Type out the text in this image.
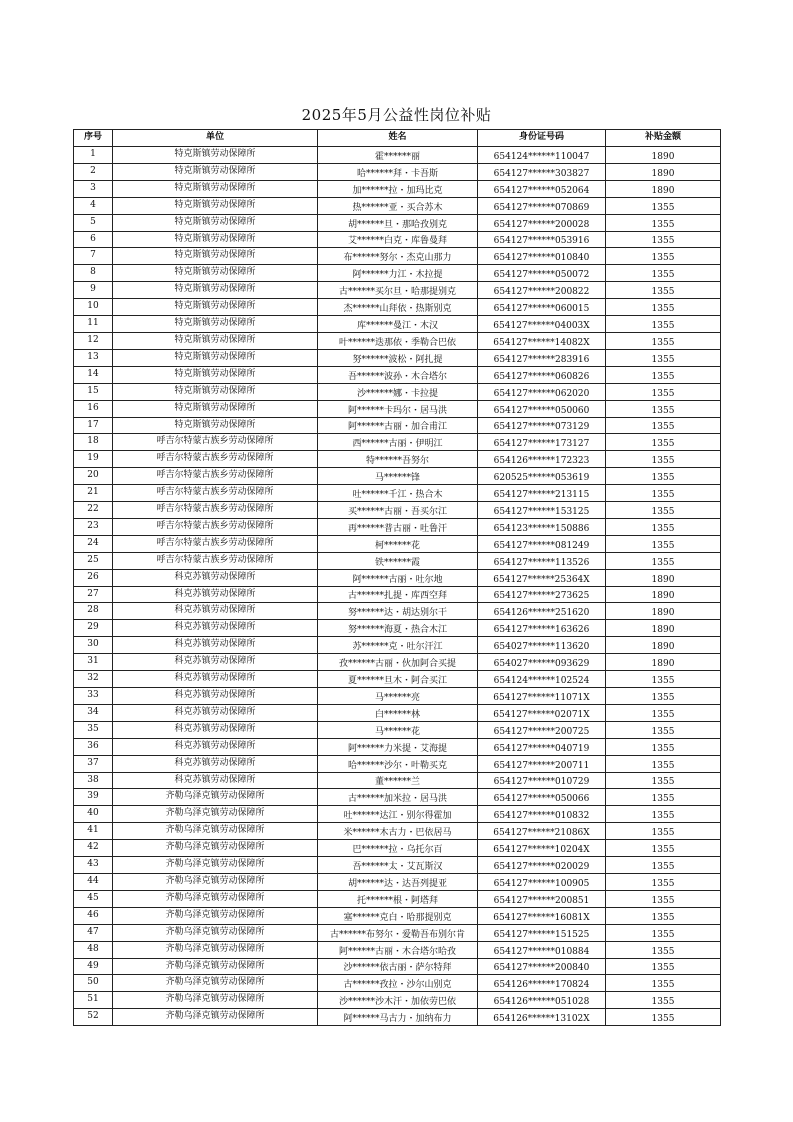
2025年5月公益性岗位补贴
序号	单位	姓名	身份证号码	补贴金额
1	特克斯镇劳动保障所	霍******丽	654124******110047	1890
2	特克斯镇劳动保障所	哈******拜・卡吾斯	654127******303827	1890
3	特克斯镇劳动保障所	加******拉・加玛比克	654127******052064	1890
4	特克斯镇劳动保障所	热******亚・买合苏木	654127******070869	1355
5	特克斯镇劳动保障所	胡******旦・那哈孜别克	654127******200028	1355
6	特克斯镇劳动保障所	艾******白克・库鲁曼拜	654127******053916	1355
7	特克斯镇劳动保障所	布******努尔・杰克山那力	654127******010840	1355
8	特克斯镇劳动保障所	阿******力江・木拉提	654127******050072	1355
9	特克斯镇劳动保障所	古******买尔旦・哈那提别克	654127******200822	1355
10	特克斯镇劳动保障所	杰******山拜依・热斯别克	654127******060015	1355
11	特克斯镇劳动保障所	库******曼江・木汉	654127******04003X	1355
12	特克斯镇劳动保障所	叶******迭那依・季勒合巴依	654127******14082X	1355
13	特克斯镇劳动保障所	努******波松・阿扎提	654127******283916	1355
14	特克斯镇劳动保障所	吾******波孙・木合塔尔	654127******060826	1355
15	特克斯镇劳动保障所	沙******娜・卡拉提	654127******062020	1355
16	特克斯镇劳动保障所	阿******卡玛尔・居马洪	654127******050060	1355
17	特克斯镇劳动保障所	阿******古丽・加合甫江	654127******073129	1355
18	呼吉尔特蒙古族乡劳动保障所	西******古丽・伊明江	654127******173127	1355
19	呼吉尔特蒙古族乡劳动保障所	特******吾努尔	654126******172323	1355
20	呼吉尔特蒙古族乡劳动保障所	马******锋	620525******053619	1355
21	呼吉尔特蒙古族乡劳动保障所	吐******千江・热合木	654127******213115	1355
22	呼吉尔特蒙古族乡劳动保障所	买******古丽・吾买尔江	654127******153125	1355
23	呼吉尔特蒙古族乡劳动保障所	再******普古丽・吐鲁汗	654123******150886	1355
24	呼吉尔特蒙古族乡劳动保障所	柯******花	654127******081249	1355
25	呼吉尔特蒙古族乡劳动保障所	铁******霞	654127******113526	1355
26	科克苏镇劳动保障所	阿******古丽・吐尔地	654127******25364X	1890
27	科克苏镇劳动保障所	古******扎提・库西空拜	654127******273625	1890
28	科克苏镇劳动保障所	努******达・胡达别尔干	654126******251620	1890
29	科克苏镇劳动保障所	努******海夏・热合木江	654127******163626	1890
30	科克苏镇劳动保障所	苏******克・吐尔汗江	654027******113620	1890
31	科克苏镇劳动保障所	孜******古丽・伙加阿合买提	654027******093629	1890
32	科克苏镇劳动保障所	夏******旦木・阿合买江	654124******102524	1355
33	科克苏镇劳动保障所	马******亮	654127******11071X	1355
34	科克苏镇劳动保障所	白******林	654127******02071X	1355
35	科克苏镇劳动保障所	马******花	654127******200725	1355
36	科克苏镇劳动保障所	阿******力米提・艾海提	654127******040719	1355
37	科克苏镇劳动保障所	哈******沙尔・叶勒买克	654127******200711	1355
38	科克苏镇劳动保障所	董******兰	654127******010729	1355
39	齐勒乌泽克镇劳动保障所	古******加米拉・居马洪	654127******050066	1355
40	齐勒乌泽克镇劳动保障所	吐******达江・别尔得霍加	654127******010832	1355
41	齐勒乌泽克镇劳动保障所	米******木古力・巴依居马	654127******21086X	1355
42	齐勒乌泽克镇劳动保障所	巴******拉・乌托尔百	654127******10204X	1355
43	齐勒乌泽克镇劳动保障所	吾******太・艾瓦斯汉	654127******020029	1355
44	齐勒乌泽克镇劳动保障所	胡******达・达吾列提亚	654127******100905	1355
45	齐勒乌泽克镇劳动保障所	托******根・阿塔拜	654127******200851	1355
46	齐勒乌泽克镇劳动保障所	塞******克白・哈那提别克	654127******16081X	1355
47	齐勒乌泽克镇劳动保障所	古******布努尔・爱勒吾布别尔肯	654127******151525	1355
48	齐勒乌泽克镇劳动保障所	阿******古丽・木合塔尔哈孜	654127******010884	1355
49	齐勒乌泽克镇劳动保障所	沙******依古丽・萨尔特拜	654127******200840	1355
50	齐勒乌泽克镇劳动保障所	古******孜拉・沙尔山别克	654126******170824	1355
51	齐勒乌泽克镇劳动保障所	沙******沙木汗・加依劳巴依	654126******051028	1355
52	齐勒乌泽克镇劳动保障所	阿******马古力・加纳布力	654126******13102X	1355
